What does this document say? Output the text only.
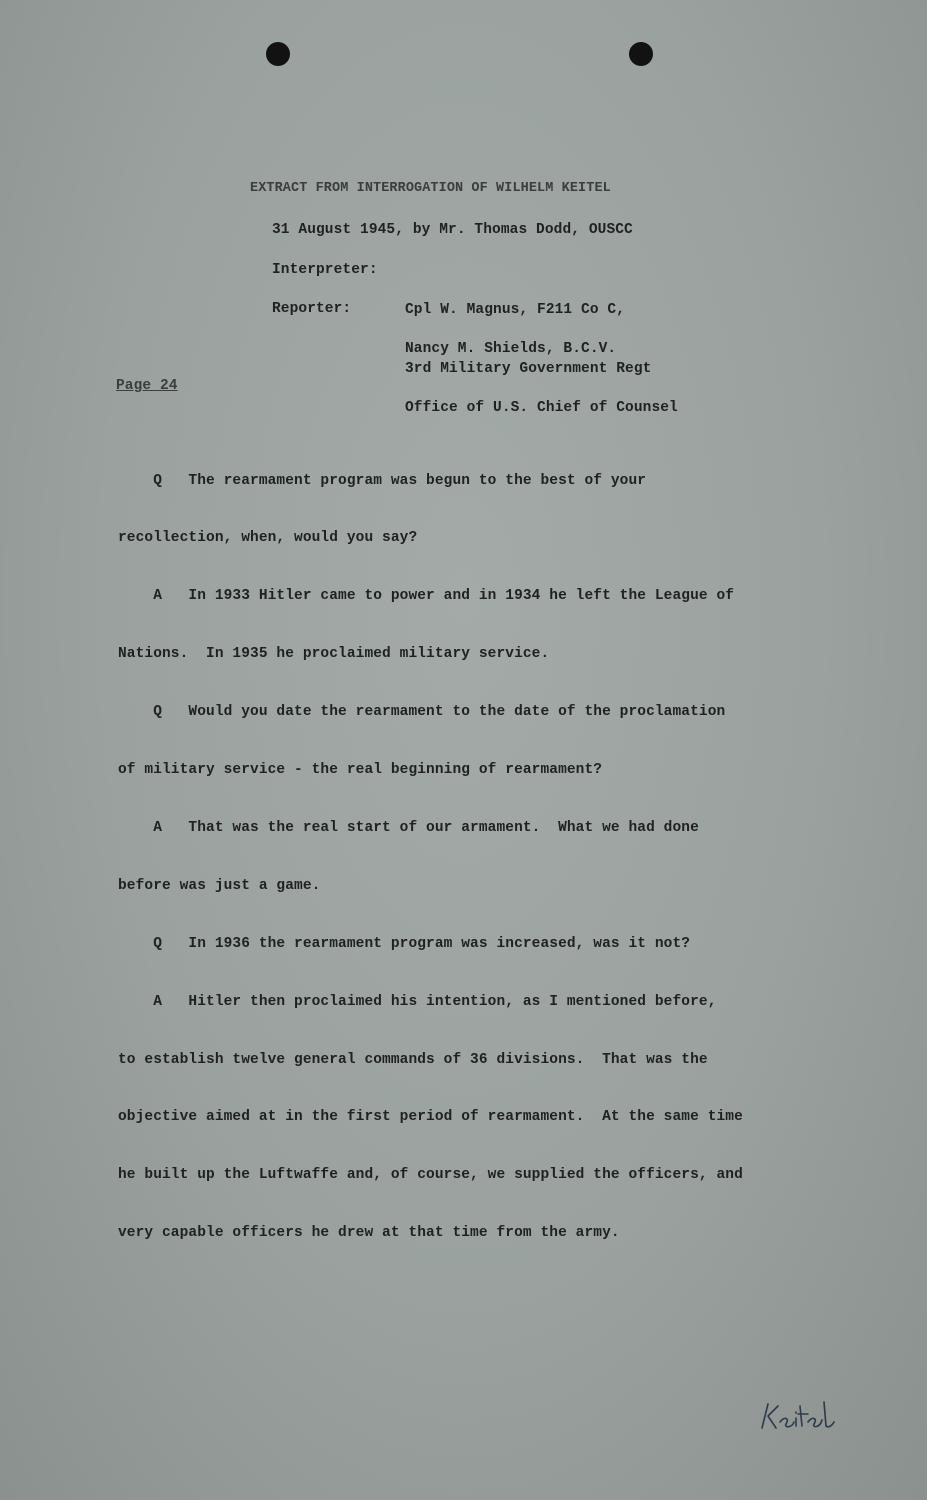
EXTRACT FROM INTERROGATION OF WILHELM KEITEL
31 August 1945, by Mr. Thomas Dodd, OUSCC
Interpreter:

Cpl W. Magnus, F211 Co C,

3rd Military Government Regt

Reporter:

Nancy M. Shields, B.C.V.

Office of U.S. Chief of Counsel

Page 24

Q   The rearmament program was begun to the best of your

recollection, when, would you say?

A   In 1933 Hitler came to power and in 1934 he left the League of

Nations.  In 1935 he proclaimed military service.

Q   Would you date the rearmament to the date of the proclamation

of military service - the real beginning of rearmament?

A   That was the real start of our armament.  What we had done

before was just a game.

Q   In 1936 the rearmament program was increased, was it not?

A   Hitler then proclaimed his intention, as I mentioned before,

to establish twelve general commands of 36 divisions.  That was the

objective aimed at in the first period of rearmament.  At the same time

he built up the Luftwaffe and, of course, we supplied the officers, and

very capable officers he drew at that time from the army.
